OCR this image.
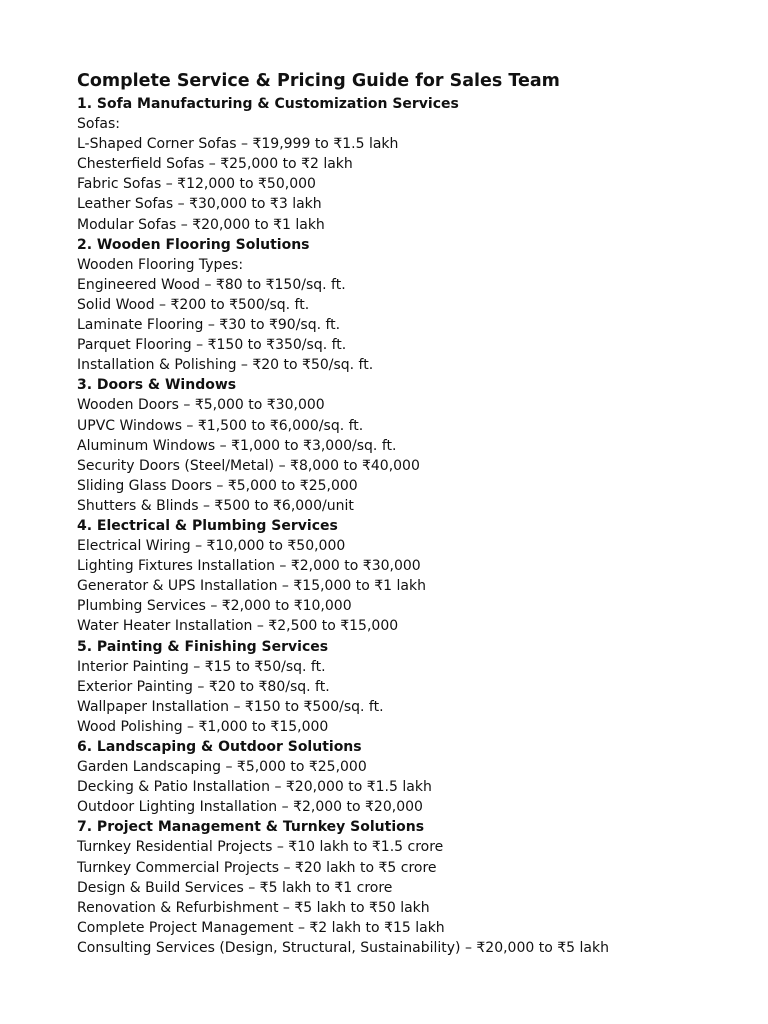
Complete Service & Pricing Guide for Sales Team
1. Sofa Manufacturing & Customization Services
Sofas:
L-Shaped Corner Sofas – ₹19,999 to ₹1.5 lakh
Chesterfield Sofas – ₹25,000 to ₹2 lakh
Fabric Sofas – ₹12,000 to ₹50,000
Leather Sofas – ₹30,000 to ₹3 lakh
Modular Sofas – ₹20,000 to ₹1 lakh
2. Wooden Flooring Solutions
Wooden Flooring Types:
Engineered Wood – ₹80 to ₹150/sq. ft.
Solid Wood – ₹200 to ₹500/sq. ft.
Laminate Flooring – ₹30 to ₹90/sq. ft.
Parquet Flooring – ₹150 to ₹350/sq. ft.
Installation & Polishing – ₹20 to ₹50/sq. ft.
3. Doors & Windows
Wooden Doors – ₹5,000 to ₹30,000
UPVC Windows – ₹1,500 to ₹6,000/sq. ft.
Aluminum Windows – ₹1,000 to ₹3,000/sq. ft.
Security Doors (Steel/Metal) – ₹8,000 to ₹40,000
Sliding Glass Doors – ₹5,000 to ₹25,000
Shutters & Blinds – ₹500 to ₹6,000/unit
4. Electrical & Plumbing Services
Electrical Wiring – ₹10,000 to ₹50,000
Lighting Fixtures Installation – ₹2,000 to ₹30,000
Generator & UPS Installation – ₹15,000 to ₹1 lakh
Plumbing Services – ₹2,000 to ₹10,000
Water Heater Installation – ₹2,500 to ₹15,000
5. Painting & Finishing Services
Interior Painting – ₹15 to ₹50/sq. ft.
Exterior Painting – ₹20 to ₹80/sq. ft.
Wallpaper Installation – ₹150 to ₹500/sq. ft.
Wood Polishing – ₹1,000 to ₹15,000
6. Landscaping & Outdoor Solutions
Garden Landscaping – ₹5,000 to ₹25,000
Decking & Patio Installation – ₹20,000 to ₹1.5 lakh
Outdoor Lighting Installation – ₹2,000 to ₹20,000
7. Project Management & Turnkey Solutions
Turnkey Residential Projects – ₹10 lakh to ₹1.5 crore
Turnkey Commercial Projects – ₹20 lakh to ₹5 crore
Design & Build Services – ₹5 lakh to ₹1 crore
Renovation & Refurbishment – ₹5 lakh to ₹50 lakh
Complete Project Management – ₹2 lakh to ₹15 lakh
Consulting Services (Design, Structural, Sustainability) – ₹20,000 to ₹5 lakh
